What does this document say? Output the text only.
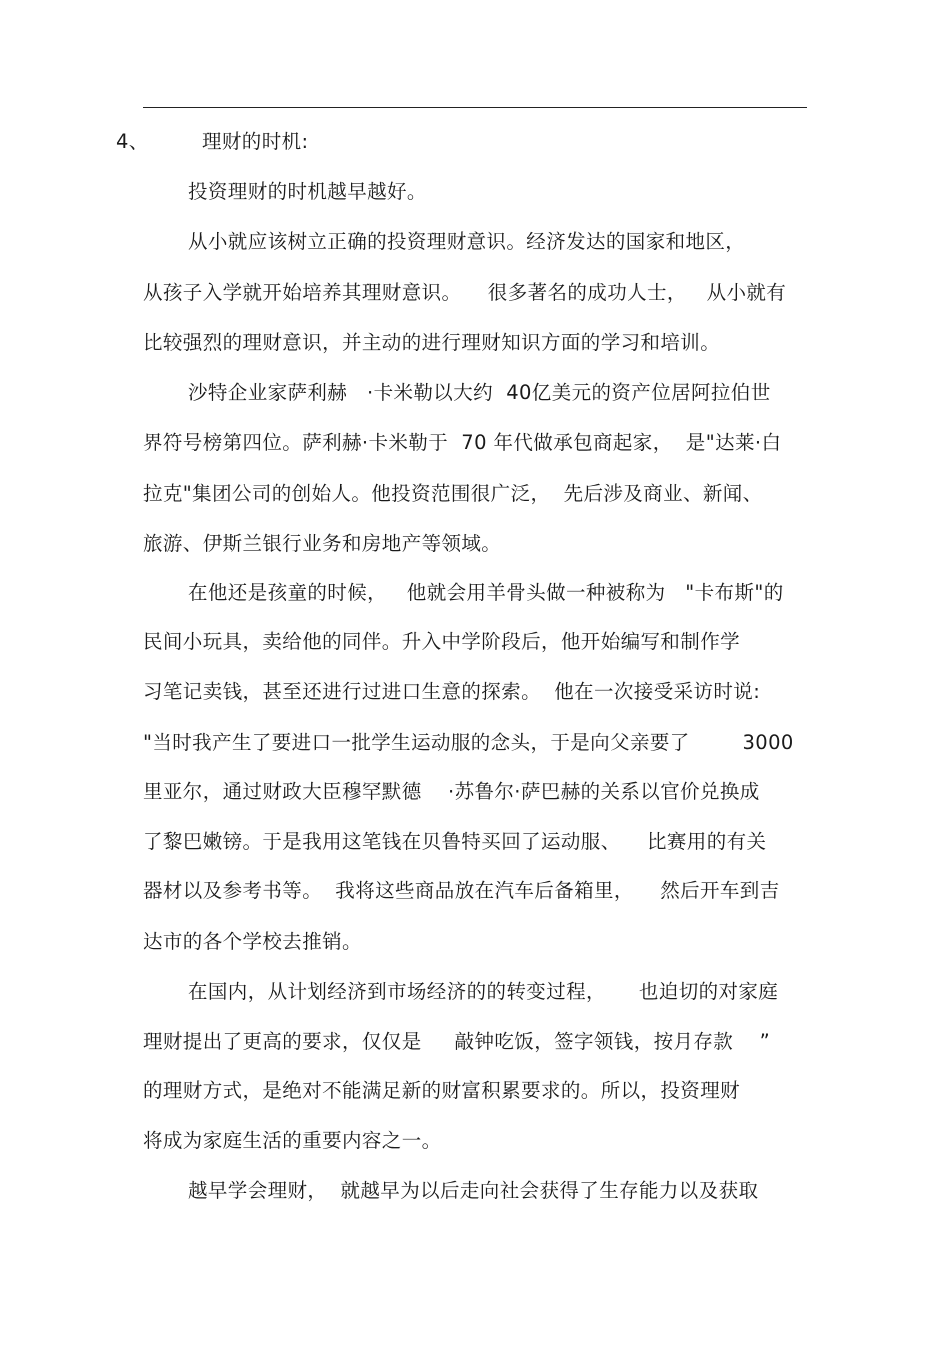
4、	理财的时机:
投资理财的时机越早越好。
从小就应该树立正确的投资理财意识。经济发达的国家和地区，
从孩子入学就开始培养其理财意识。    很多著名的成功人士，   从小就有
比较强烈的理财意识，并主动的进行理财知识方面的学习和培训。
沙特企业家萨利赫   ·卡米勒以大约  40亿美元的资产位居阿拉伯世
界符号榜第四位。萨利赫·卡米勒于  70 年代做承包商起家，  是"达莱·白
拉克"集团公司的创始人。他投资范围很广泛，  先后涉及商业、新闻、
旅游、伊斯兰银行业务和房地产等领域。
在他还是孩童的时候，   他就会用羊骨头做一种被称为   "卡布斯"的
民间小玩具，卖给他的同伴。升入中学阶段后，他开始编写和制作学
习笔记卖钱，甚至还进行过进口生意的探索。  他在一次接受采访时说:
"当时我产生了要进口一批学生运动服的念头，于是向父亲要了        3000
里亚尔，通过财政大臣穆罕默德    ·苏鲁尔·萨巴赫的关系以官价兑换成
了黎巴嫩镑。于是我用这笔钱在贝鲁特买回了运动服、    比赛用的有关
器材以及参考书等。  我将这些商品放在汽车后备箱里，    然后开车到吉
达市的各个学校去推销。
在国内，从计划经济到市场经济的的转变过程，     也迫切的对家庭
理财提出了更高的要求，仅仅是     敲钟吃饭，签字领钱，按月存款    ”
的理财方式，是绝对不能满足新的财富积累要求的。所以，投资理财
将成为家庭生活的重要内容之一。
越早学会理财，  就越早为以后走向社会获得了生存能力以及获取
